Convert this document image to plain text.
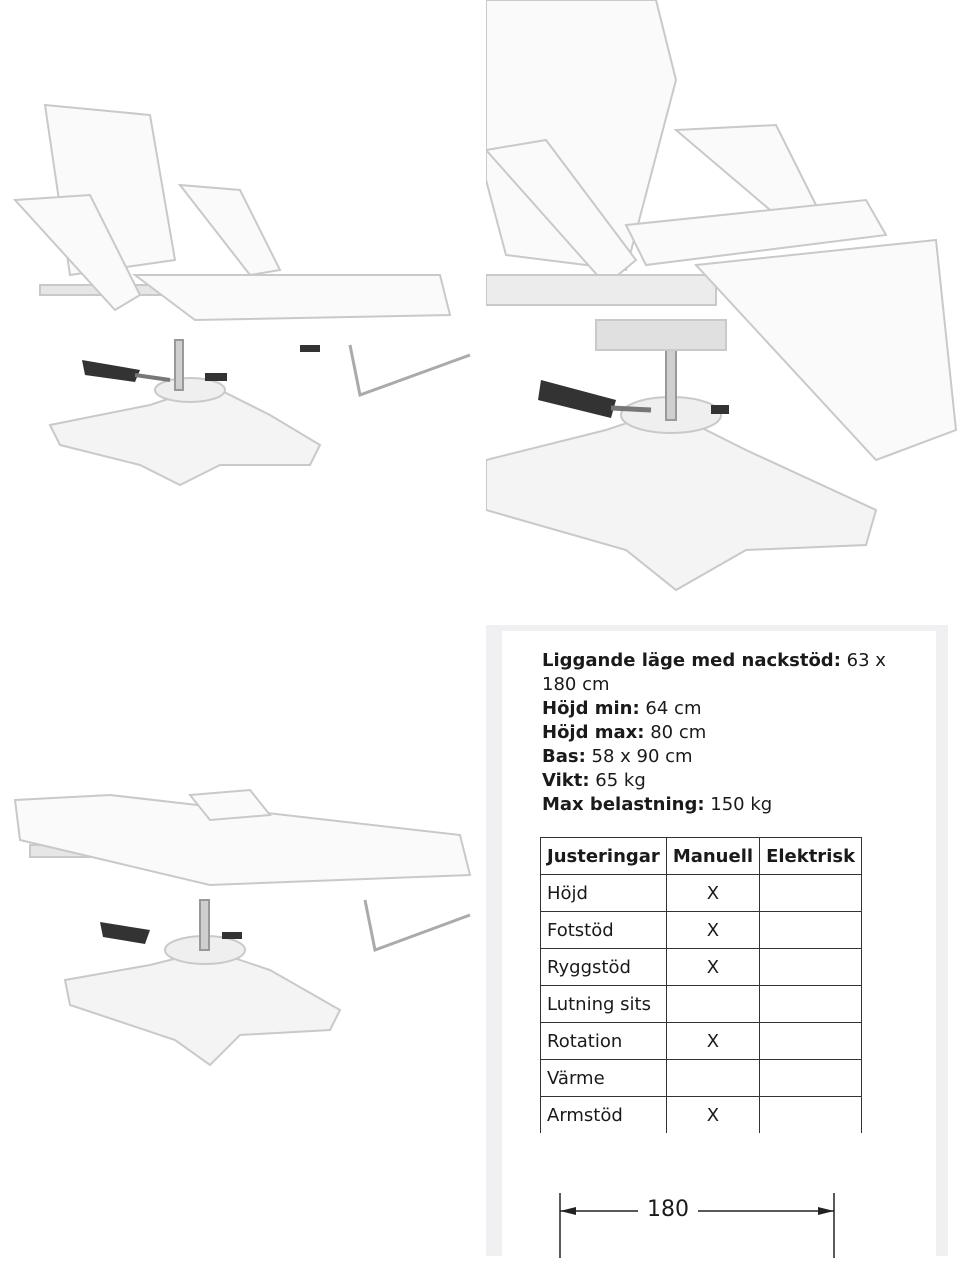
Liggande läge med nackstöd: 63 x 180 cm

Höjd min: 64 cm

Höjd max: 80 cm

Bas: 58 x 90 cm

Vikt: 65 kg

Max belastning: 150 kg

Justeringar	Manuell	Elektrisk
Höjd	X	
Fotstöd	X	
Ryggstöd	X	
Lutning sits		
Rotation	X	
Värme		
Armstöd	X	
180
